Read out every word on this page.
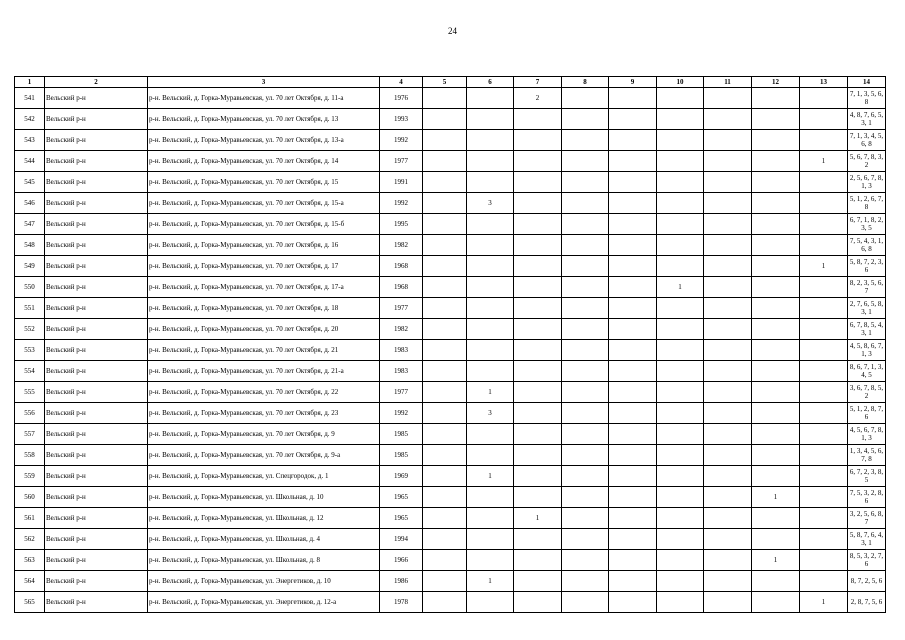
24
1	2	3	4	5	6	7	8	9	10	11	12	13	14
541	Вельский р-н	р-н. Вельский, д. Горка-Муравьевская, ул. 70 лет Октября, д. 11-а	1976			2							7, 1, 3, 5, 6, 8
542	Вельский р-н	р-н. Вельский, д. Горка-Муравьевская, ул. 70 лет Октября, д. 13	1993										4, 8, 7, 6, 5, 3, 1
543	Вельский р-н	р-н. Вельский, д. Горка-Муравьевская, ул. 70 лет Октября, д. 13-а	1992										7, 1, 3, 4, 5, 6, 8
544	Вельский р-н	р-н. Вельский, д. Горка-Муравьевская, ул. 70 лет Октября, д. 14	1977									1	5, 6, 7, 8, 3, 2
545	Вельский р-н	р-н. Вельский, д. Горка-Муравьевская, ул. 70 лет Октября, д. 15	1991										2, 5, 6, 7, 8, 1, 3
546	Вельский р-н	р-н. Вельский, д. Горка-Муравьевская, ул. 70 лет Октября, д. 15-а	1992		3								5, 1, 2, 6, 7, 8
547	Вельский р-н	р-н. Вельский, д. Горка-Муравьевская, ул. 70 лет Октября, д. 15-б	1995										6, 7, 1, 8, 2, 3, 5
548	Вельский р-н	р-н. Вельский, д. Горка-Муравьевская, ул. 70 лет Октября, д. 16	1982										7, 5, 4, 3, 1, 6, 8
549	Вельский р-н	р-н. Вельский, д. Горка-Муравьевская, ул. 70 лет Октября, д. 17	1968									1	5, 8, 7, 2, 3, 6
550	Вельский р-н	р-н. Вельский, д. Горка-Муравьевская, ул. 70 лет Октября, д. 17-а	1968						1				8, 2, 3, 5, 6, 7
551	Вельский р-н	р-н. Вельский, д. Горка-Муравьевская, ул. 70 лет Октября, д. 18	1977										2, 7, 6, 5, 8, 3, 1
552	Вельский р-н	р-н. Вельский, д. Горка-Муравьевская, ул. 70 лет Октября, д. 20	1982										6, 7, 8, 5, 4, 3, 1
553	Вельский р-н	р-н. Вельский, д. Горка-Муравьевская, ул. 70 лет Октября, д. 21	1983										4, 5, 8, 6, 7, 1, 3
554	Вельский р-н	р-н. Вельский, д. Горка-Муравьевская, ул. 70 лет Октября, д. 21-а	1983										8, 6, 7, 1, 3, 4, 5
555	Вельский р-н	р-н. Вельский, д. Горка-Муравьевская, ул. 70 лет Октября, д. 22	1977		1								3, 6, 7, 8, 5, 2
556	Вельский р-н	р-н. Вельский, д. Горка-Муравьевская, ул. 70 лет Октября, д. 23	1992		3								5, 1, 2, 8, 7, 6
557	Вельский р-н	р-н. Вельский, д. Горка-Муравьевская, ул. 70 лет Октября, д. 9	1985										4, 5, 6, 7, 8, 1, 3
558	Вельский р-н	р-н. Вельский, д. Горка-Муравьевская, ул. 70 лет Октября, д. 9-а	1985										1, 3, 4, 5, 6, 7, 8
559	Вельский р-н	р-н. Вельский, д. Горка-Муравьевская, ул. Спецгородок, д. 1	1969		1								6, 7, 2, 3, 8, 5
560	Вельский р-н	р-н. Вельский, д. Горка-Муравьевская, ул. Школьная, д. 10	1965								1		7, 5, 3, 2, 8, 6
561	Вельский р-н	р-н. Вельский, д. Горка-Муравьевская, ул. Школьная, д. 12	1965			1							3, 2, 5, 6, 8, 7
562	Вельский р-н	р-н. Вельский, д. Горка-Муравьевская, ул. Школьная, д. 4	1994										5, 8, 7, 6, 4, 3, 1
563	Вельский р-н	р-н. Вельский, д. Горка-Муравьевская, ул. Школьная, д. 8	1966								1		8, 5, 3, 2, 7, 6
564	Вельский р-н	р-н. Вельский, д. Горка-Муравьевская, ул. Энергетиков, д. 10	1986		1								8, 7, 2, 5, 6
565	Вельский р-н	р-н. Вельский, д. Горка-Муравьевская, ул. Энергетиков, д. 12-а	1978									1	2, 8, 7, 5, 6
